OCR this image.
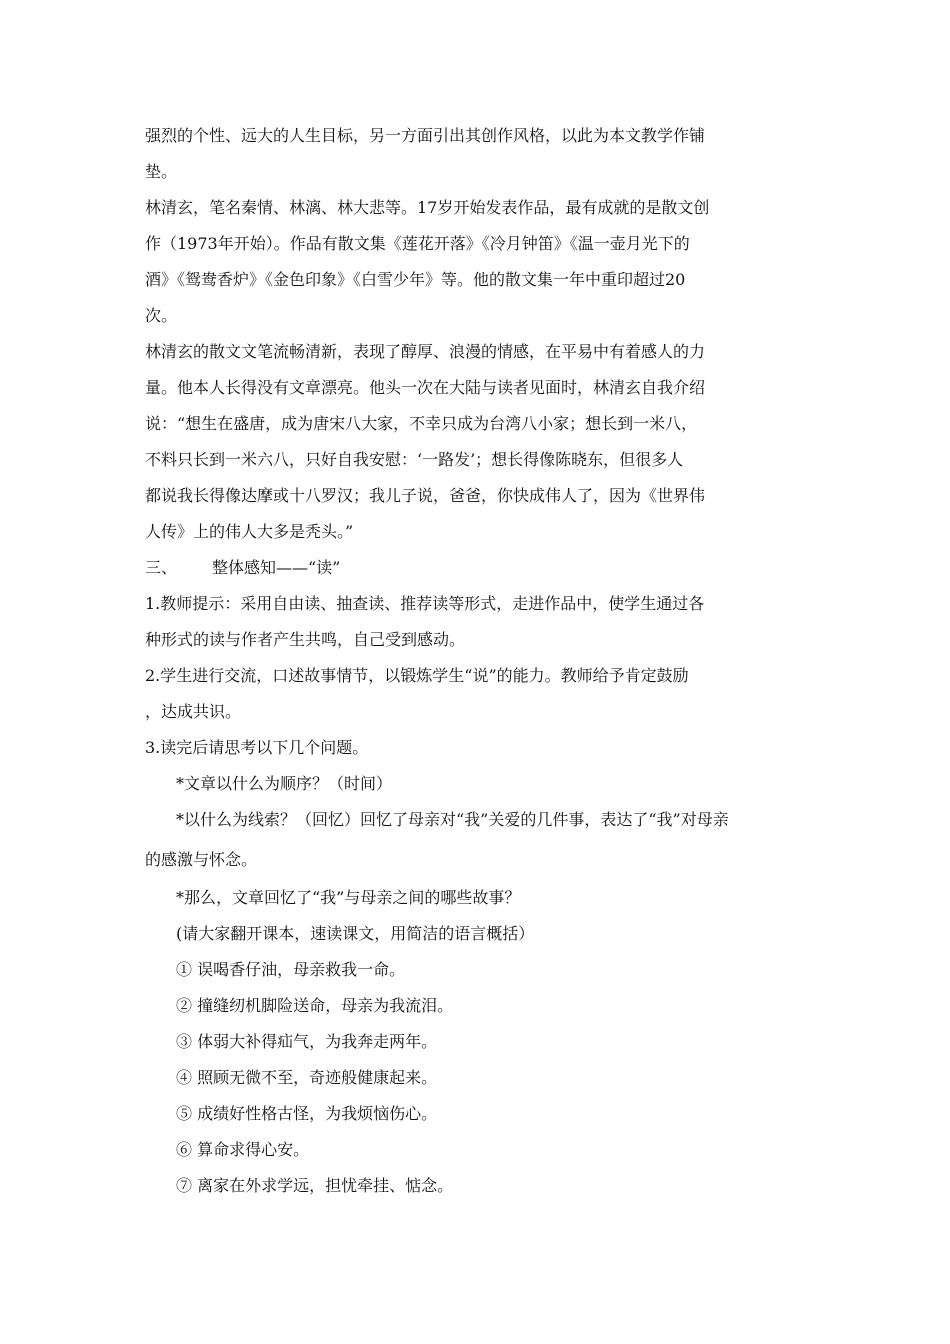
强烈的个性、远大的人生目标，另一方面引出其创作风格，以此为本文教学作铺
垫。
林清玄，笔名秦情、林漓、林大悲等。17岁开始发表作品，最有成就的是散文创
作（1973年开始）。作品有散文集《莲花开落》《冷月钟笛》《温一壶月光下的
酒》《鸳鸯香炉》《金色印象》《白雪少年》等。他的散文集一年中重印超过20
次。
林清玄的散文文笔流畅清新，表现了醇厚、浪漫的情感，在平易中有着感人的力
量。他本人长得没有文章漂亮。他头一次在大陆与读者见面时，林清玄自我介绍
说：“想生在盛唐，成为唐宋八大家，不幸只成为台湾八小家；想长到一米八，
不料只长到一米六八，只好自我安慰：‘一路发’；想长得像陈晓东，但很多人
都说我长得像达摩或十八罗汉；我儿子说，爸爸，你快成伟人了，因为《世界伟
人传》上的伟人大多是秃头。”
三、 整体感知——“读”
1.教师提示：采用自由读、抽查读、推荐读等形式，走进作品中，使学生通过各
种形式的读与作者产生共鸣，自己受到感动。
2.学生进行交流，口述故事情节，以锻炼学生“说”的能力。教师给予肯定鼓励
，达成共识。
3.读完后请思考以下几个问题。
*文章以什么为顺序？（时间）
*以什么为线索？（回忆）回忆了母亲对“我”关爱的几件事，表达了“我”对母亲
的感激与怀念。
*那么，文章回忆了“我”与母亲之间的哪些故事？
(请大家翻开课本，速读课文，用简洁的语言概括）
① 误喝香仔油，母亲救我一命。
② 撞缝纫机脚险送命，母亲为我流泪。
③ 体弱大补得疝气，为我奔走两年。
④ 照顾无微不至，奇迹般健康起来。
⑤ 成绩好性格古怪，为我烦恼伤心。
⑥ 算命求得心安。
⑦ 离家在外求学远，担忧牵挂、惦念。
